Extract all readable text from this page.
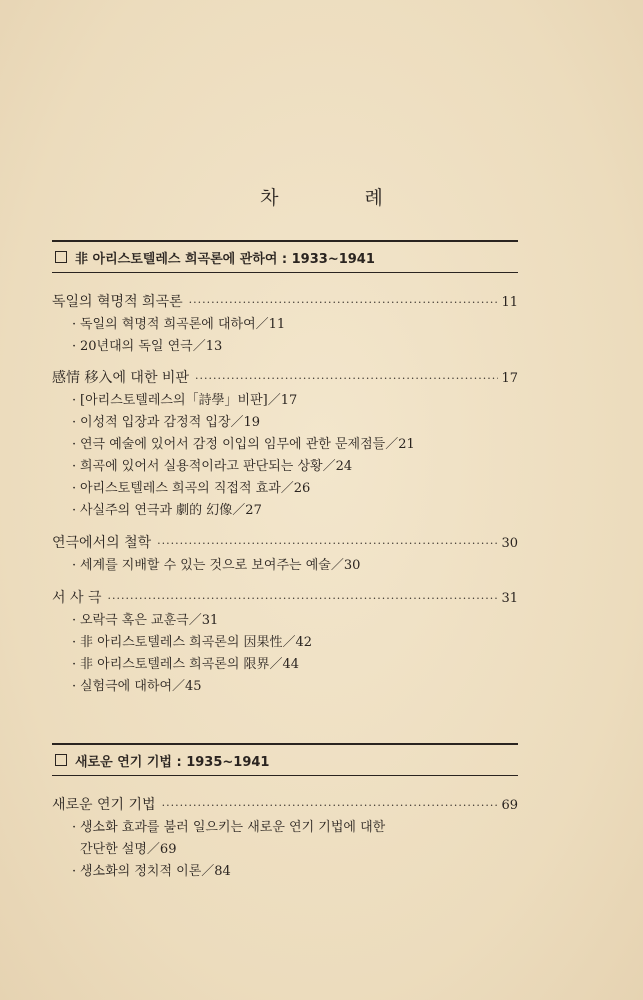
차 례
非 아리스토텔레스 희곡론에 관하여 : 1933~1941
독일의 혁명적 희곡론 ·····	11
· 독일의 혁명적 희곡론에 대하여／11
· 20년대의 독일 연극／13
感情 移入에 대한 비판 ·····	17
· [아리스토텔레스의「詩學」비판]／17
· 이성적 입장과 감정적 입장／19
· 연극 예술에 있어서 감정 이입의 임무에 관한 문제점들／21
· 희곡에 있어서 실용적이라고 판단되는 상황／24
· 아리스토텔레스 희곡의 직접적 효과／26
· 사실주의 연극과 劇的 幻像／27
연극에서의 철학 ·····	30
· 세계를 지배할 수 있는 것으로 보여주는 예술／30
서 사 극 ·····	31
· 오락극 혹은 교훈극／31
· 非 아리스토텔레스 희곡론의 因果性／42
· 非 아리스토텔레스 희곡론의 限界／44
· 실험극에 대하여／45
새로운 연기 기법 : 1935~1941
새로운 연기 기법 ·····	69
· 생소화 효과를 불러 일으키는 새로운 연기 기법에 대한
간단한 설명／69
· 생소화의 정치적 이론／84
